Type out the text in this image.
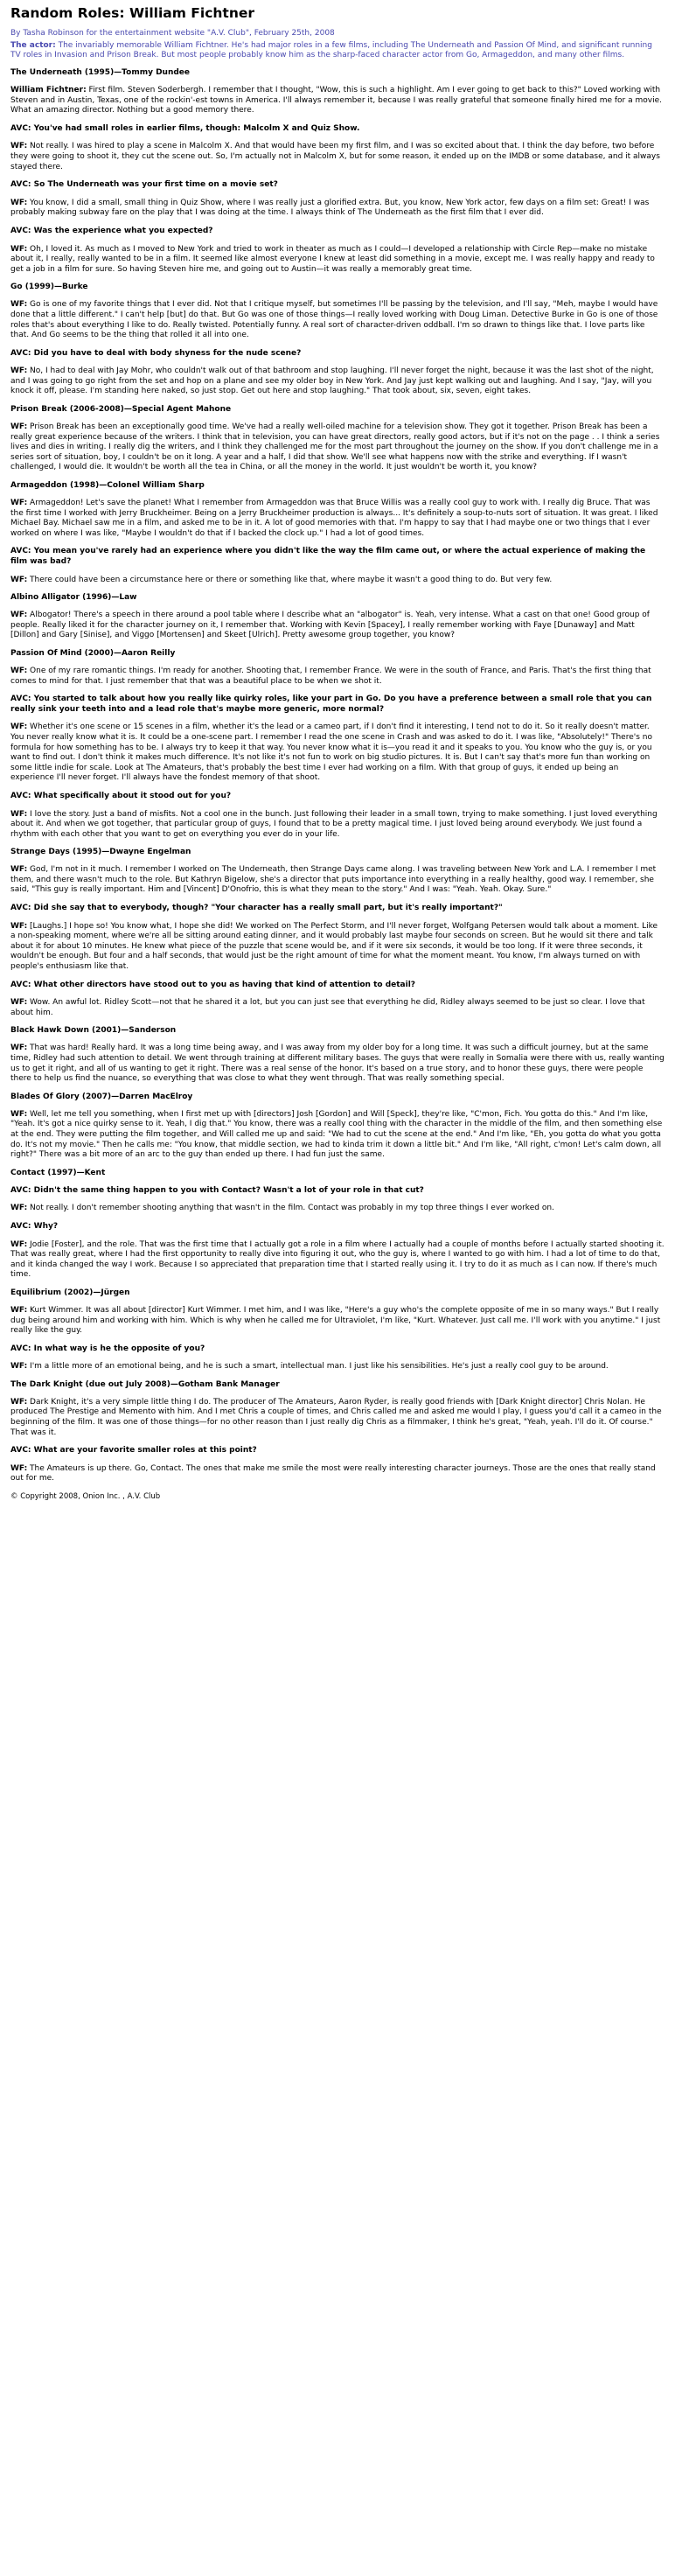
Random Roles: William Fichtner

By Tasha Robinson for the entertainment website "A.V. Club", February 25th, 2008

The actor: The invariably memorable William Fichtner. He's had major roles in a few films, including The Underneath and Passion Of Mind, and significant running TV roles in Invasion and Prison Break. But most people probably know him as the sharp-faced character actor from Go, Armageddon, and many other films.

The Underneath (1995)—Tommy Dundee

William Fichtner: First film. Steven Soderbergh. I remember that I thought, "Wow, this is such a highlight. Am I ever going to get back to this?" Loved working with Steven and in Austin, Texas, one of the rockin'-est towns in America. I'll always remember it, because I was really grateful that someone finally hired me for a movie. What an amazing director. Nothing but a good memory there.

AVC: You've had small roles in earlier films, though: Malcolm X and Quiz Show.

WF: Not really. I was hired to play a scene in Malcolm X. And that would have been my first film, and I was so excited about that. I think the day before, two before they were going to shoot it, they cut the scene out. So, I'm actually not in Malcolm X, but for some reason, it ended up on the IMDB or some database, and it always stayed there.

AVC: So The Underneath was your first time on a movie set?

WF: You know, I did a small, small thing in Quiz Show, where I was really just a glorified extra. But, you know, New York actor, few days on a film set: Great! I was probably making subway fare on the play that I was doing at the time. I always think of The Underneath as the first film that I ever did.

AVC: Was the experience what you expected?

WF: Oh, I loved it. As much as I moved to New York and tried to work in theater as much as I could—I developed a relationship with Circle Rep—make no mistake about it, I really, really wanted to be in a film. It seemed like almost everyone I knew at least did something in a movie, except me. I was really happy and ready to get a job in a film for sure. So having Steven hire me, and going out to Austin—it was really a memorably great time.

Go (1999)—Burke

WF: Go is one of my favorite things that I ever did. Not that I critique myself, but sometimes I'll be passing by the television, and I'll say, "Meh, maybe I would have done that a little different." I can't help [but] do that. But Go was one of those things—I really loved working with Doug Liman. Detective Burke in Go is one of those roles that's about everything I like to do. Really twisted. Potentially funny. A real sort of character-driven oddball. I'm so drawn to things like that. I love parts like that. And Go seems to be the thing that rolled it all into one.

AVC: Did you have to deal with body shyness for the nude scene?

WF: No, I had to deal with Jay Mohr, who couldn't walk out of that bathroom and stop laughing. I'll never forget the night, because it was the last shot of the night, and I was going to go right from the set and hop on a plane and see my older boy in New York. And Jay just kept walking out and laughing. And I say, "Jay, will you knock it off, please. I'm standing here naked, so just stop. Get out here and stop laughing." That took about, six, seven, eight takes.

Prison Break (2006-2008)—Special Agent Mahone

WF: Prison Break has been an exceptionally good time. We've had a really well-oiled machine for a television show. They got it together. Prison Break has been a really great experience because of the writers. I think that in television, you can have great directors, really good actors, but if it's not on the page . . I think a series lives and dies in writing. I really dig the writers, and I think they challenged me for the most part throughout the journey on the show. If you don't challenge me in a series sort of situation, boy, I couldn't be on it long. A year and a half, I did that show. We'll see what happens now with the strike and everything. If I wasn't challenged, I would die. It wouldn't be worth all the tea in China, or all the money in the world. It just wouldn't be worth it, you know?

Armageddon (1998)—Colonel William Sharp

WF: Armageddon! Let's save the planet! What I remember from Armageddon was that Bruce Willis was a really cool guy to work with. I really dig Bruce. That was the first time I worked with Jerry Bruckheimer. Being on a Jerry Bruckheimer production is always... It's definitely a soup-to-nuts sort of situation. It was great. I liked Michael Bay. Michael saw me in a film, and asked me to be in it. A lot of good memories with that. I'm happy to say that I had maybe one or two things that I ever worked on where I was like, "Maybe I wouldn't do that if I backed the clock up." I had a lot of good times.

AVC: You mean you've rarely had an experience where you didn't like the way the film came out, or where the actual experience of making the film was bad?

WF: There could have been a circumstance here or there or something like that, where maybe it wasn't a good thing to do. But very few.

Albino Alligator (1996)—Law

WF: Albogator! There's a speech in there around a pool table where I describe what an "albogator" is. Yeah, very intense. What a cast on that one! Good group of people. Really liked it for the character journey on it, I remember that. Working with Kevin [Spacey], I really remember working with Faye [Dunaway] and Matt [Dillon] and Gary [Sinise], and Viggo [Mortensen] and Skeet [Ulrich]. Pretty awesome group together, you know?

Passion Of Mind (2000)—Aaron Reilly

WF: One of my rare romantic things. I'm ready for another. Shooting that, I remember France. We were in the south of France, and Paris. That's the first thing that comes to mind for that. I just remember that that was a beautiful place to be when we shot it.

AVC: You started to talk about how you really like quirky roles, like your part in Go. Do you have a preference between a small role that you can really sink your teeth into and a lead role that's maybe more generic, more normal?

WF: Whether it's one scene or 15 scenes in a film, whether it's the lead or a cameo part, if I don't find it interesting, I tend not to do it. So it really doesn't matter. You never really know what it is. It could be a one-scene part. I remember I read the one scene in Crash and was asked to do it. I was like, "Absolutely!" There's no formula for how something has to be. I always try to keep it that way. You never know what it is—you read it and it speaks to you. You know who the guy is, or you want to find out. I don't think it makes much difference. It's not like it's not fun to work on big studio pictures. It is. But I can't say that's more fun than working on some little indie for scale. Look at The Amateurs, that's probably the best time I ever had working on a film. With that group of guys, it ended up being an experience I'll never forget. I'll always have the fondest memory of that shoot.

AVC: What specifically about it stood out for you?

WF: I love the story. Just a band of misfits. Not a cool one in the bunch. Just following their leader in a small town, trying to make something. I just loved everything about it. And when we got together, that particular group of guys, I found that to be a pretty magical time. I just loved being around everybody. We just found a rhythm with each other that you want to get on everything you ever do in your life.

Strange Days (1995)—Dwayne Engelman

WF: God, I'm not in it much. I remember I worked on The Underneath, then Strange Days came along. I was traveling between New York and L.A. I remember I met them, and there wasn't much to the role. But Kathryn Bigelow, she's a director that puts importance into everything in a really healthy, good way. I remember, she said, "This guy is really important. Him and [Vincent] D'Onofrio, this is what they mean to the story." And I was: "Yeah. Yeah. Okay. Sure."

AVC: Did she say that to everybody, though? "Your character has a really small part, but it's really important?"

WF: [Laughs.] I hope so! You know what, I hope she did! We worked on The Perfect Storm, and I'll never forget, Wolfgang Petersen would talk about a moment. Like a non-speaking moment, where we're all be sitting around eating dinner, and it would probably last maybe four seconds on screen. But he would sit there and talk about it for about 10 minutes. He knew what piece of the puzzle that scene would be, and if it were six seconds, it would be too long. If it were three seconds, it wouldn't be enough. But four and a half seconds, that would just be the right amount of time for what the moment meant. You know, I'm always turned on with people's enthusiasm like that.

AVC: What other directors have stood out to you as having that kind of attention to detail?

WF: Wow. An awful lot. Ridley Scott—not that he shared it a lot, but you can just see that everything he did, Ridley always seemed to be just so clear. I love that about him.

Black Hawk Down (2001)—Sanderson

WF: That was hard! Really hard. It was a long time being away, and I was away from my older boy for a long time. It was such a difficult journey, but at the same time, Ridley had such attention to detail. We went through training at different military bases. The guys that were really in Somalia were there with us, really wanting us to get it right, and all of us wanting to get it right. There was a real sense of the honor. It's based on a true story, and to honor these guys, there were people there to help us find the nuance, so everything that was close to what they went through. That was really something special.

Blades Of Glory (2007)—Darren MacElroy

WF: Well, let me tell you something, when I first met up with [directors] Josh [Gordon] and Will [Speck], they're like, "C'mon, Fich. You gotta do this." And I'm like, "Yeah. It's got a nice quirky sense to it. Yeah, I dig that." You know, there was a really cool thing with the character in the middle of the film, and then something else at the end. They were putting the film together, and Will called me up and said: "We had to cut the scene at the end." And I'm like, "Eh, you gotta do what you gotta do. It's not my movie." Then he calls me: "You know, that middle section, we had to kinda trim it down a little bit." And I'm like, "All right, c'mon! Let's calm down, all right?" There was a bit more of an arc to the guy than ended up there. I had fun just the same.

Contact (1997)—Kent

AVC: Didn't the same thing happen to you with Contact? Wasn't a lot of your role in that cut?

WF: Not really. I don't remember shooting anything that wasn't in the film. Contact was probably in my top three things I ever worked on.

AVC: Why?

WF: Jodie [Foster], and the role. That was the first time that I actually got a role in a film where I actually had a couple of months before I actually started shooting it. That was really great, where I had the first opportunity to really dive into figuring it out, who the guy is, where I wanted to go with him. I had a lot of time to do that, and it kinda changed the way I work. Because I so appreciated that preparation time that I started really using it. I try to do it as much as I can now. If there's much time.

Equilibrium (2002)—Jürgen

WF: Kurt Wimmer. It was all about [director] Kurt Wimmer. I met him, and I was like, "Here's a guy who's the complete opposite of me in so many ways." But I really dug being around him and working with him. Which is why when he called me for Ultraviolet, I'm like, "Kurt. Whatever. Just call me. I'll work with you anytime." I just really like the guy.

AVC: In what way is he the opposite of you?

WF: I'm a little more of an emotional being, and he is such a smart, intellectual man. I just like his sensibilities. He's just a really cool guy to be around.

The Dark Knight (due out July 2008)—Gotham Bank Manager

WF: Dark Knight, it's a very simple little thing I do. The producer of The Amateurs, Aaron Ryder, is really good friends with [Dark Knight director] Chris Nolan. He produced The Prestige and Memento with him. And I met Chris a couple of times, and Chris called me and asked me would I play, I guess you'd call it a cameo in the beginning of the film. It was one of those things—for no other reason than I just really dig Chris as a filmmaker, I think he's great, "Yeah, yeah. I'll do it. Of course." That was it.

AVC: What are your favorite smaller roles at this point?

WF: The Amateurs is up there. Go, Contact. The ones that make me smile the most were really interesting character journeys. Those are the ones that really stand out for me.

© Copyright 2008, Onion Inc. , A.V. Club
